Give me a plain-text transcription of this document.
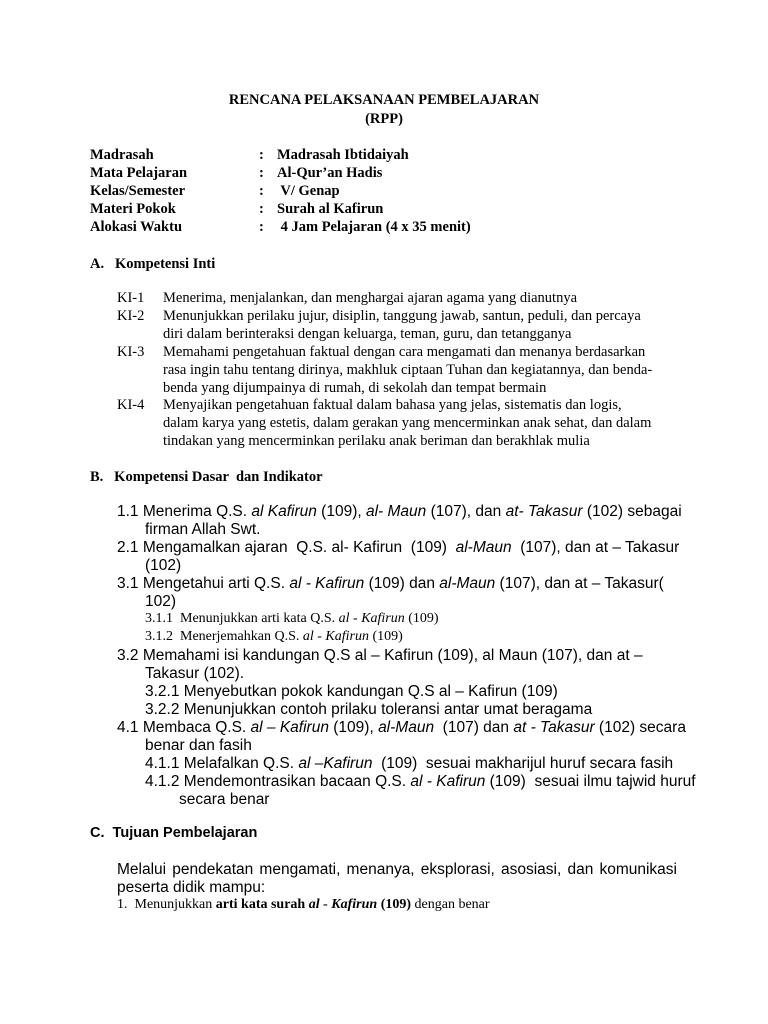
RENCANA PELAKSANAAN PEMBELAJARAN
(RPP)
Madrasah	: Madrasah Ibtidaiyah
Mata Pelajaran	: Al-Qur’an Hadis
Kelas/Semester	: V/ Genap
Materi Pokok	: Surah al Kafirun
Alokasi Waktu	: 4 Jam Pelajaran (4 x 35 menit)
A.   Kompetensi Inti
KI-1 Menerima, menjalankan, dan menghargai ajaran agama yang dianutnya
KI-2 Menunjukkan perilaku jujur, disiplin, tanggung jawab, santun, peduli, dan percaya
diri dalam berinteraksi dengan keluarga, teman, guru, dan tetangganya
KI-3 Memahami pengetahuan faktual dengan cara mengamati dan menanya berdasarkan
rasa ingin tahu tentang dirinya, makhluk ciptaan Tuhan dan kegiatannya, dan benda-
benda yang dijumpainya di rumah, di sekolah dan tempat bermain
KI-4 Menyajikan pengetahuan faktual dalam bahasa yang jelas, sistematis dan logis,
dalam karya yang estetis, dalam gerakan yang mencerminkan anak sehat, dan dalam
tindakan yang mencerminkan perilaku anak beriman dan berakhlak mulia
B.   Kompetensi Dasar  dan Indikator
1.1 Menerima Q.S. al Kafirun (109), al- Maun (107), dan at- Takasur (102) sebagai
firman Allah Swt.
2.1 Mengamalkan ajaran  Q.S. al- Kafirun  (109)  al-Maun  (107), dan at – Takasur
(102)
3.1 Mengetahui arti Q.S. al - Kafirun (109) dan al-Maun (107), dan at – Takasur(
102)
3.1.1  Menunjukkan arti kata Q.S. al - Kafirun (109)
3.1.2  Menerjemahkan Q.S. al - Kafirun (109)
3.2 Memahami isi kandungan Q.S al – Kafirun (109), al Maun (107), dan at –
Takasur (102).
3.2.1 Menyebutkan pokok kandungan Q.S al – Kafirun (109)
3.2.2 Menunjukkan contoh prilaku toleransi antar umat beragama
4.1 Membaca Q.S. al – Kafirun (109), al-Maun  (107) dan at - Takasur (102) secara
benar dan fasih
4.1.1 Melafalkan Q.S. al –Kafirun  (109)  sesuai makharijul huruf secara fasih
4.1.2 Mendemontrasikan bacaan Q.S. al - Kafirun (109)  sesuai ilmu tajwid huruf
secara benar
C.  Tujuan Pembelajaran
Melalui pendekatan mengamati, menanya, eksplorasi, asosiasi, dan komunikasi
peserta didik mampu:
1.  Menunjukkan arti kata surah al - Kafirun (109) dengan benar
